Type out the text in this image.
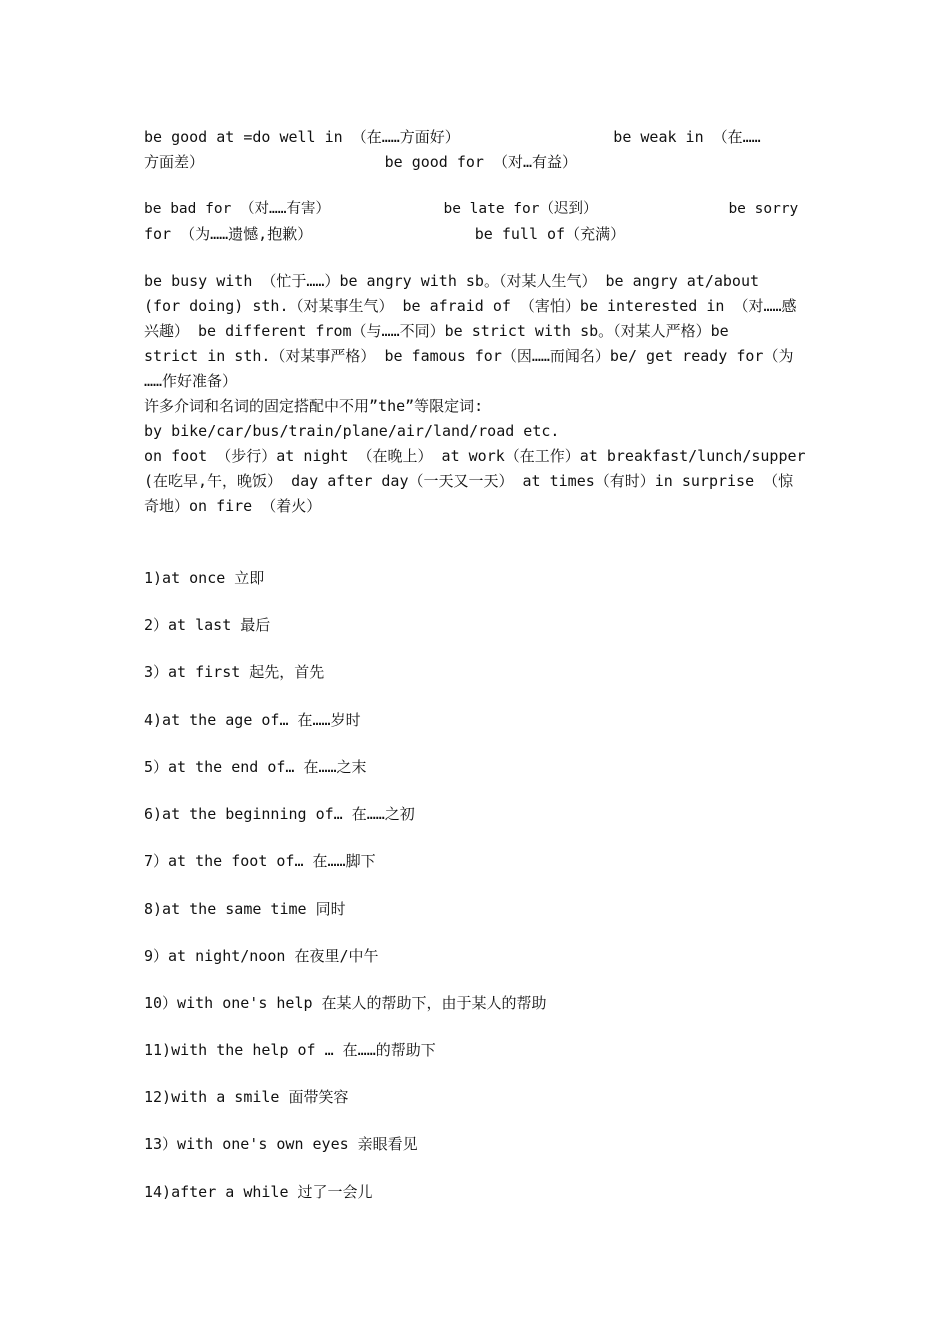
be good at =do well in （在……方面好）                 be weak in （在……
方面差）                    be good for （对…有益）
be bad for （对……有害）             be late for（迟到）               be sorry
for （为……遗憾,抱歉）                  be full of（充满）
be busy with （忙于……）be angry with sb。（对某人生气） be angry at/about
(for doing) sth.（对某事生气） be afraid of （害怕）be interested in （对……感
兴趣） be different from（与……不同）be strict with sb。（对某人严格）be
strict in sth.（对某事严格） be famous for（因……而闻名）be/ get ready for（为
……作好准备）
许多介词和名词的固定搭配中不用”the”等限定词:
by bike/car/bus/train/plane/air/land/road etc.
on foot （步行）at night （在晚上） at work（在工作）at breakfast/lunch/supper
(在吃早,午，晚饭） day after day（一天又一天） at times（有时）in surprise （惊
奇地）on fire （着火）
1)at once 立即
2）at last 最后
3）at first 起先，首先
4)at the age of… 在……岁时
5）at the end of… 在……之末
6)at the beginning of… 在……之初
7）at the foot of… 在……脚下
8)at the same time 同时
9）at night/noon 在夜里/中午
10）with one's help 在某人的帮助下，由于某人的帮助
11)with the help of … 在……的帮助下
12)with a smile 面带笑容
13）with one's own eyes 亲眼看见
14)after a while 过了一会儿
